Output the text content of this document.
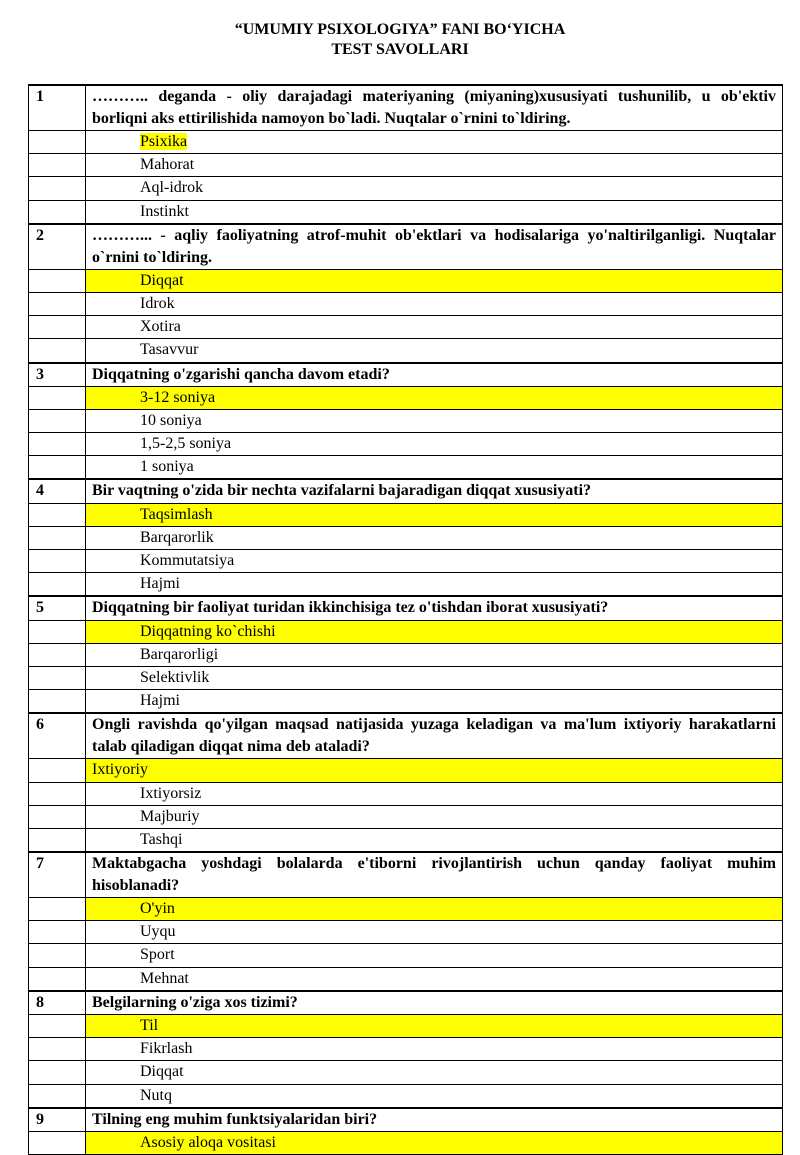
“UMUMIY PSIXOLOGIYA” FANI BO‘YICHA
TEST SAVOLLARI
1	……….. deganda - oliy darajadagi materiyaning (miyaning)xususiyati tushunilib, u ob'ektiv borliqni aks ettirilishida namoyon bo`ladi. Nuqtalar o`rnini to`ldiring.
	Psixika
	Mahorat
	Aql-idrok
	Instinkt
2	………... - aqliy faoliyatning atrof-muhit ob'ektlari va hodisalariga yo'naltirilganligi. Nuqtalar o`rnini to`ldiring.
	Diqqat
	Idrok
	Xotira
	Tasavvur
3	Diqqatning o'zgarishi qancha davom etadi?
	3-12 soniya
	10 soniya
	1,5-2,5 soniya
	1 soniya
4	Bir vaqtning o'zida bir nechta vazifalarni bajaradigan diqqat xususiyati?
	Taqsimlash
	Barqarorlik
	Kommutatsiya
	Hajmi
5	Diqqatning bir faoliyat turidan ikkinchisiga tez o'tishdan iborat xususiyati?
	Diqqatning ko`chishi
	Barqarorligi
	Selektivlik
	Hajmi
6	Ongli ravishda qo'yilgan maqsad natijasida yuzaga keladigan va ma'lum ixtiyoriy harakatlarni talab qiladigan diqqat nima deb ataladi?
	Ixtiyoriy
	Ixtiyorsiz
	Majburiy
	Tashqi
7	Maktabgacha yoshdagi bolalarda e'tiborni rivojlantirish uchun qanday faoliyat muhim hisoblanadi?
	O'yin
	Uyqu
	Sport
	Mehnat
8	Belgilarning o'ziga xos tizimi?
	Til
	Fikrlash
	Diqqat
	Nutq
9	Tilning eng muhim funktsiyalaridan biri?
	Asosiy aloqa vositasi
